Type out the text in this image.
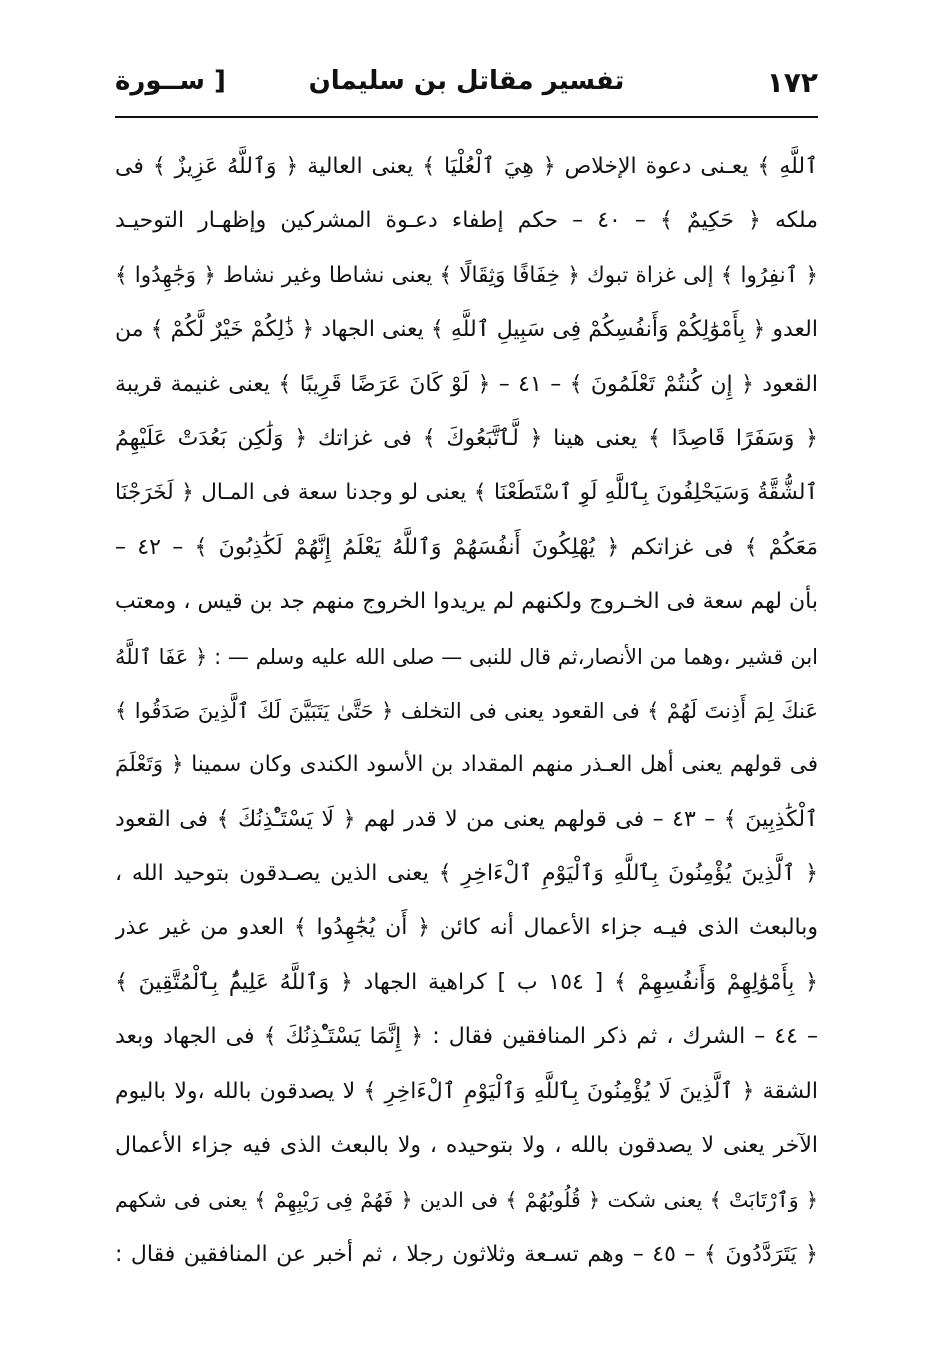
١٧٢
تفسير مقاتل بن سليمان
[ ســورة
ٱللَّهِ ﴾ يعـنى دعوة الإخلاص ﴿ هِيَ ٱلْعُلْيَا ﴾ يعنى العالية ﴿ وَٱللَّهُ عَزِيزٌ ﴾ فى
ملكه ﴿ حَكِيمٌ ﴾ – ٤٠ – حكم إطفاء دعـوة المشركين وإظهـار التوحيـد
﴿ ٱنفِرُوا ﴾ إلى غزاة تبوك ﴿ خِفَافًا وَثِقَالًا ﴾ يعنى نشاطا وغير نشاط ﴿ وَجَٰهِدُوا ﴾
العدو ﴿ بِأَمْوَٰلِكُمْ وَأَنفُسِكُمْ فِى سَبِيلِ ٱللَّهِ ﴾ يعنى الجهاد ﴿ ذَٰلِكُمْ خَيْرٌ لَّكُمْ ﴾ من
القعود ﴿ إِن كُنتُمْ تَعْلَمُونَ ﴾ – ٤١ – ﴿ لَوْ كَانَ عَرَضًا قَرِيبًا ﴾ يعنى غنيمة قريبة
﴿ وَسَفَرًا قَاصِدًا ﴾ يعنى هينا ﴿ لَّٱتَّبَعُوكَ ﴾ فى غزاتك ﴿ وَلَٰكِن بَعُدَتْ عَلَيْهِمُ
ٱلشُّقَّةُ وَسَيَحْلِفُونَ بِٱللَّهِ لَوِ ٱسْتَطَعْنَا ﴾ يعنى لو وجدنا سعة فى المـال ﴿ لَخَرَجْنَا
مَعَكُمْ ﴾ فى غزاتكم ﴿ يُهْلِكُونَ أَنفُسَهُمْ وَٱللَّهُ يَعْلَمُ إِنَّهُمْ لَكَٰذِبُونَ ﴾ – ٤٢ –
بأن لهم سعة فى الخـروج ولكنهم لم يريدوا الخروج منهم جد بن قيس ، ومعتب
ابن قشير ،وهما من الأنصار،ثم قال للنبى — صلى الله عليه وسلم — : ﴿ عَفَا ٱللَّهُ
عَنكَ لِمَ أَذِنتَ لَهُمْ ﴾ فى القعود يعنى فى التخلف ﴿ حَتَّىٰ يَتَبَيَّنَ لَكَ ٱلَّذِينَ صَدَقُوا ﴾
فى قولهم يعنى أهل العـذر منهم المقداد بن الأسود الكندى وكان سمينا ﴿ وَتَعْلَمَ
ٱلْكَٰذِبِينَ ﴾ – ٤٣ – فى قولهم يعنى من لا قدر لهم ﴿ لَا يَسْتَـْٔذِنُكَ ﴾ فى القعود
﴿ ٱلَّذِينَ يُؤْمِنُونَ بِٱللَّهِ وَٱلْيَوْمِ ٱلْءَاخِرِ ﴾ يعنى الذين يصـدقون بتوحيد الله ،
وبالبعث الذى فيـه جزاء الأعمال أنه كائن ﴿ أَن يُجَٰهِدُوا ﴾ العدو من غير عذر
﴿ بِأَمْوَٰلِهِمْ وَأَنفُسِهِمْ ﴾ [ ١٥٤ ب ] كراهية الجهاد ﴿ وَٱللَّهُ عَلِيمٌۢ بِٱلْمُتَّقِينَ ﴾
– ٤٤ – الشرك ، ثم ذكر المنافقين فقال : ﴿ إِنَّمَا يَسْتَـْٔذِنُكَ ﴾ فى الجهاد وبعد
الشقة ﴿ ٱلَّذِينَ لَا يُؤْمِنُونَ بِٱللَّهِ وَٱلْيَوْمِ ٱلْءَاخِرِ ﴾ لا يصدقون بالله ،ولا باليوم
الآخر يعنى لا يصدقون بالله ، ولا بتوحيده ، ولا بالبعث الذى فيه جزاء الأعمال
﴿ وَٱرْتَابَتْ ﴾ يعنى شكت ﴿ قُلُوبُهُمْ ﴾ فى الدين ﴿ فَهُمْ فِى رَيْبِهِمْ ﴾ يعنى فى شكهم
﴿ يَتَرَدَّدُونَ ﴾ – ٤٥ – وهم تسـعة وثلاثون رجلا ، ثم أخبر عن المنافقين فقال :
